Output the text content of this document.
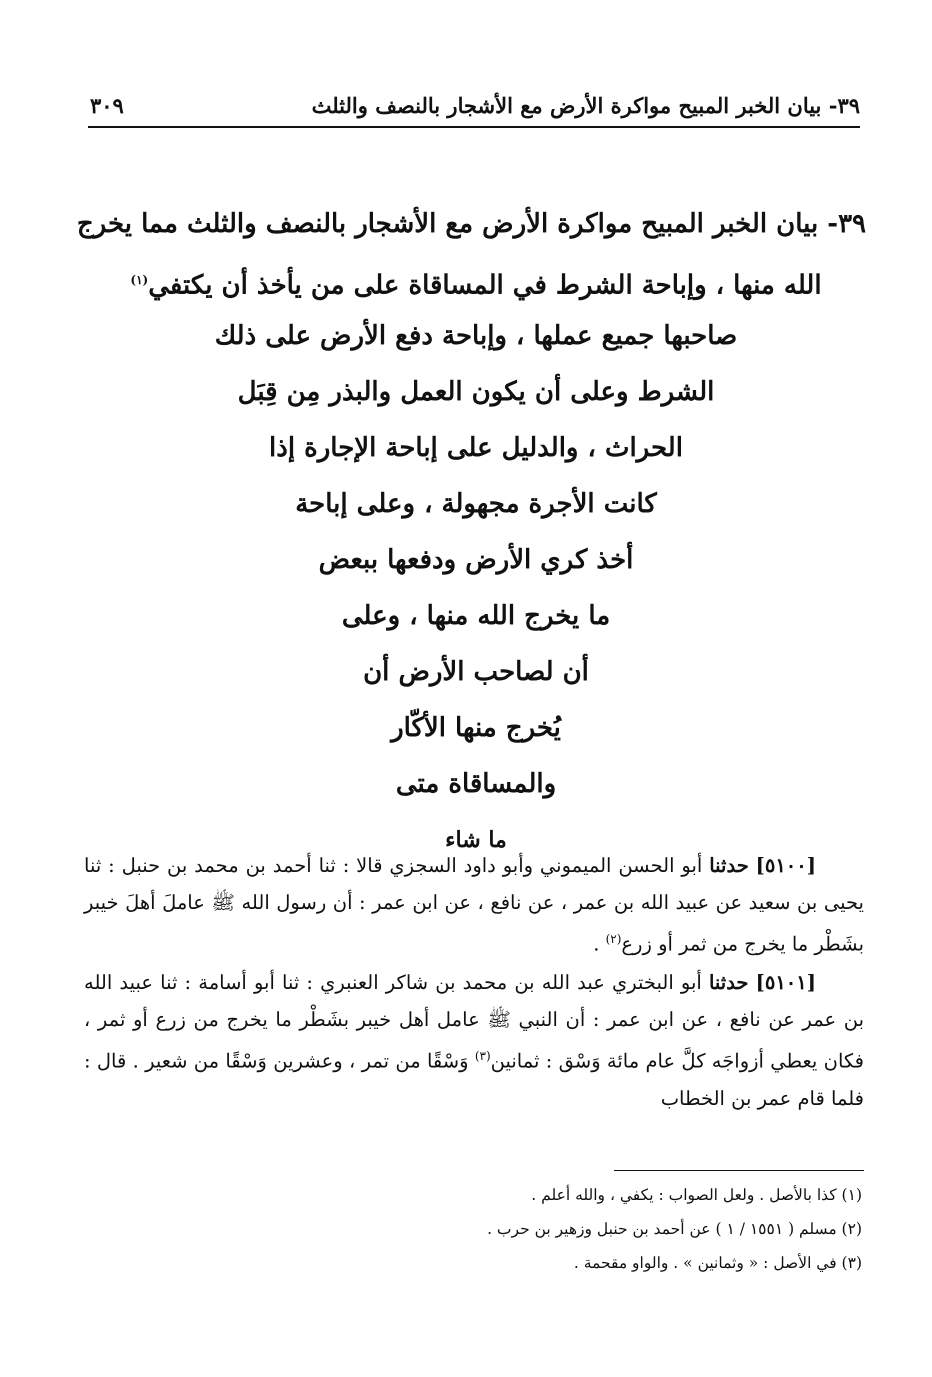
٣٩- بيان الخبر المبيح مواكرة الأرض مع الأشجار بالنصف والثلث
٣٠٩
٣٩- بيان الخبر المبيح مواكرة الأرض مع الأشجار بالنصف والثلث مما يخرج
الله منها ، وإباحة الشرط في المساقاة على من يأخذ أن يكتفي$^{(١)}$
صاحبها جميع عملها ، وإباحة دفع الأرض على ذلك
الشرط وعلى أن يكون العمل والبذر مِن قِبَل
الحراث ، والدليل على إباحة الإجارة إذا
كانت الأجرة مجهولة ، وعلى إباحة
أخذ كري الأرض ودفعها ببعض
ما يخرج الله منها ، وعلى
أن لصاحب الأرض أن
يُخرج منها الأكّار
والمساقاة متى
ما شاء

[٥١٠٠] حدثنا أبو الحسن الميموني وأبو داود السجزي قالا : ثنا أحمد بن محمد بن حنبل : ثنا يحيى بن سعيد عن عبيد الله بن عمر ، عن نافع ، عن ابن عمر : أن رسول الله ﷺ عاملَ أهلَ خيبر بشَطْر ما يخرج من ثمر أو زرع$^{(٢)}$ .

[٥١٠١] حدثنا أبو البختري عبد الله بن محمد بن شاكر العنبري : ثنا أبو أسامة : ثنا عبيد الله بن عمر عن نافع ، عن ابن عمر : أن النبي ﷺ عامل أهل خيبر بشَطْر ما يخرج من زرع أو ثمر ، فكان يعطي أزواجَه كلَّ عام مائة وَسْق : ثمانين$^{(٣)}$ وَسْقًا من تمر ، وعشرين وَسْقًا من شعير . قال : فلما قام عمر بن الخطاب

(١) كذا بالأصل . ولعل الصواب : يكفي ، والله أعلم .
(٢) مسلم ( ١٥٥١ / ١ ) عن أحمد بن حنبل وزهير بن حرب .
(٣) في الأصل : « وثمانين » . والواو مقحمة .
